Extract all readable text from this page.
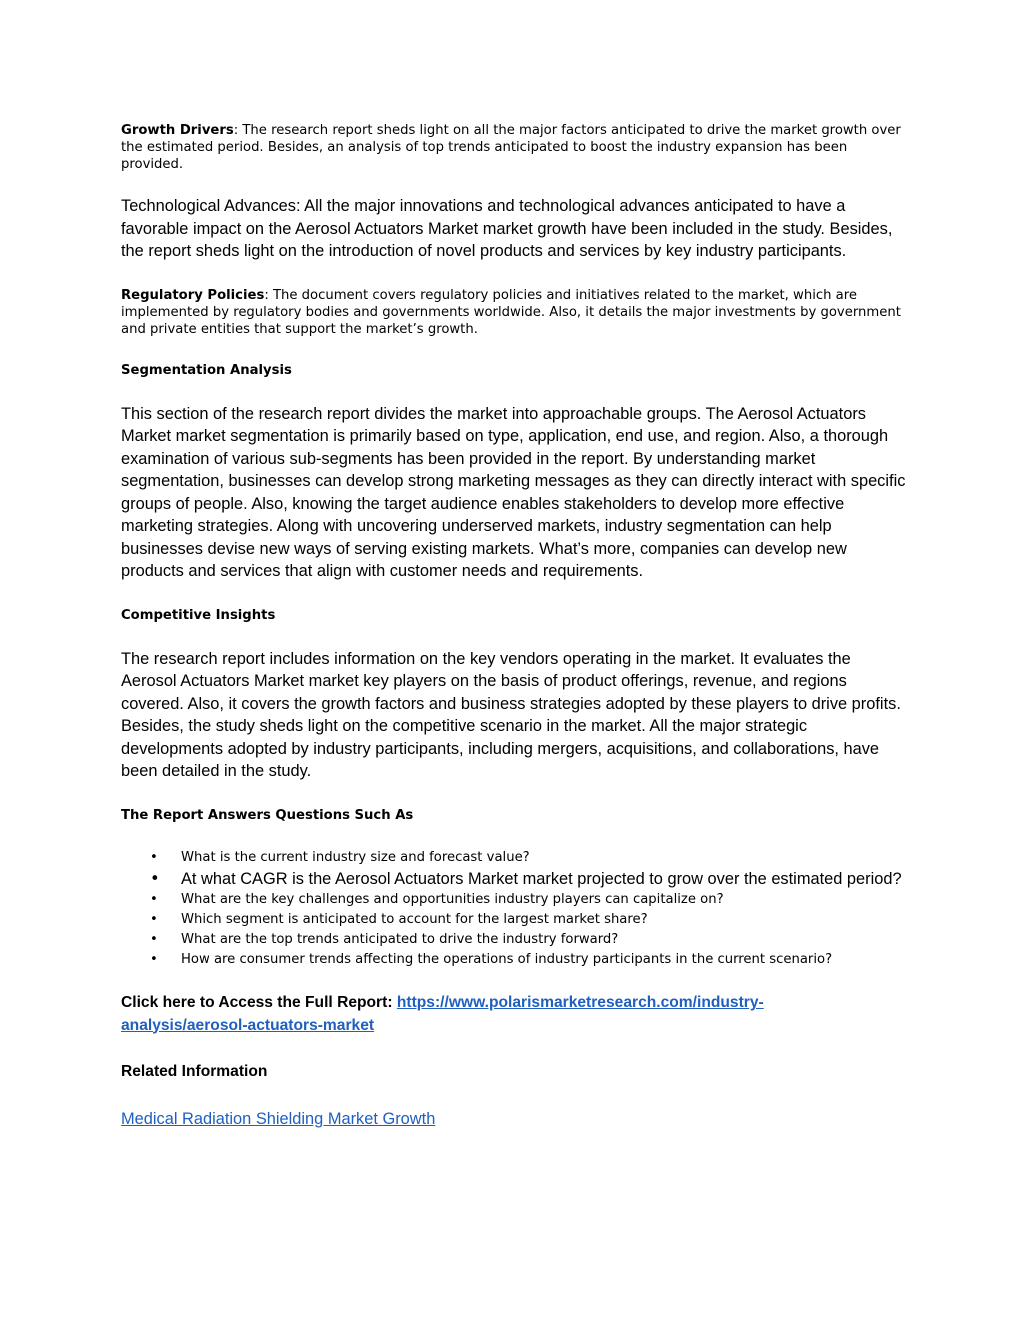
Growth Drivers: The research report sheds light on all the major factors anticipated to drive the market growth over the estimated period. Besides, an analysis of top trends anticipated to boost the industry expansion has been provided.

Technological Advances: All the major innovations and technological advances anticipated to have a favorable impact on the Aerosol Actuators Market market growth have been included in the study. Besides, the report sheds light on the introduction of novel products and services by key industry participants.

Regulatory Policies: The document covers regulatory policies and initiatives related to the market, which are implemented by regulatory bodies and governments worldwide. Also, it details the major investments by government and private entities that support the market’s growth.

Segmentation Analysis

This section of the research report divides the market into approachable groups. The Aerosol Actuators Market market segmentation is primarily based on type, application, end use, and region. Also, a thorough examination of various sub-segments has been provided in the report. By understanding market segmentation, businesses can develop strong marketing messages as they can directly interact with specific groups of people. Also, knowing the target audience enables stakeholders to develop more effective marketing strategies. Along with uncovering underserved markets, industry segmentation can help businesses devise new ways of serving existing markets. What’s more, companies can develop new products and services that align with customer needs and requirements.

Competitive Insights

The research report includes information on the key vendors operating in the market. It evaluates the Aerosol Actuators Market market key players on the basis of product offerings, revenue, and regions covered. Also, it covers the growth factors and business strategies adopted by these players to drive profits. Besides, the study sheds light on the competitive scenario in the market. All the major strategic developments adopted by industry participants, including mergers, acquisitions, and collaborations, have been detailed in the study.

The Report Answers Questions Such As

• What is the current industry size and forecast value?
• At what CAGR is the Aerosol Actuators Market market projected to grow over the estimated period?
• What are the key challenges and opportunities industry players can capitalize on?
• Which segment is anticipated to account for the largest market share?
• What are the top trends anticipated to drive the industry forward?
• How are consumer trends affecting the operations of industry participants in the current scenario?

Click here to Access the Full Report: https://www.polarismarketresearch.com/industry-
analysis/aerosol-actuators-market

Related Information

Medical Radiation Shielding Market Growth
